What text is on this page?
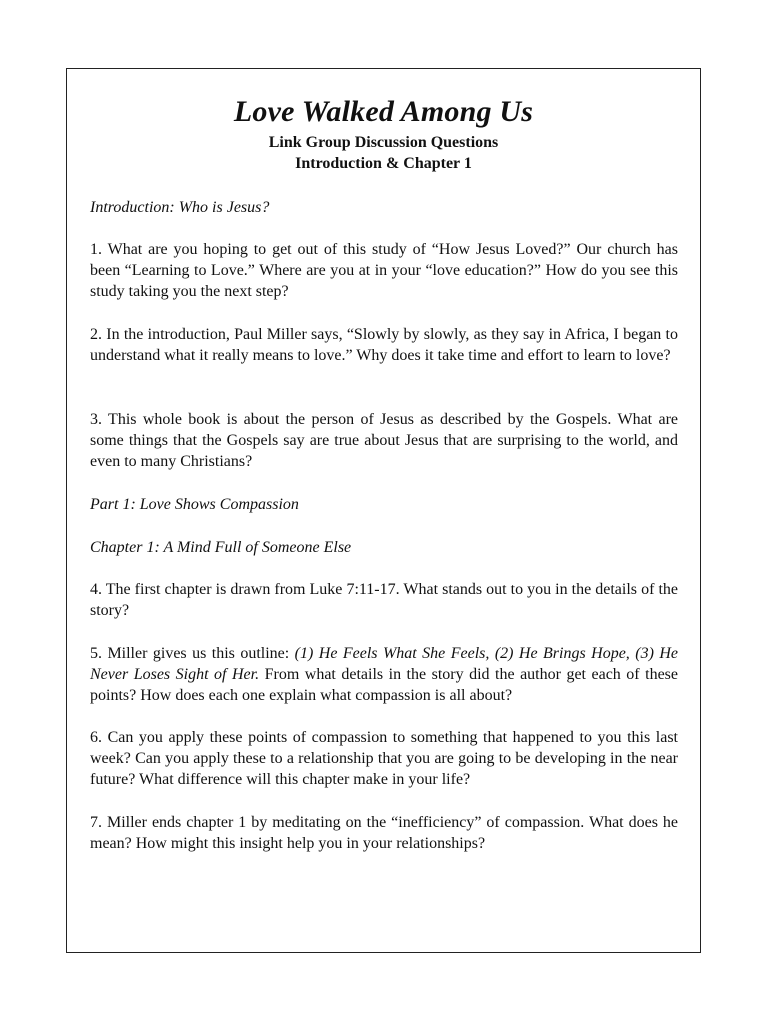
Love Walked Among Us
Link Group Discussion Questions
Introduction & Chapter 1
Introduction: Who is Jesus?

1. What are you hoping to get out of this study of “How Jesus Loved?” Our church has been “Learning to Love.” Where are you at in your “love education?” How do you see this study taking you the next step?

2. In the introduction, Paul Miller says, “Slowly by slowly, as they say in Africa, I began to understand what it really means to love.” Why does it take time and effort to learn to love?

3. This whole book is about the person of Jesus as described by the Gospels. What are some things that the Gospels say are true about Jesus that are surprising to the world, and even to many Christians?

Part 1: Love Shows Compassion
Chapter 1: A Mind Full of Someone Else

4. The first chapter is drawn from Luke 7:11-17. What stands out to you in the details of the story?

5. Miller gives us this outline: (1) He Feels What She Feels, (2) He Brings Hope, (3) He Never Loses Sight of Her. From what details in the story did the author get each of these points? How does each one explain what compassion is all about?

6. Can you apply these points of compassion to something that happened to you this last week? Can you apply these to a relationship that you are going to be developing in the near future? What difference will this chapter make in your life?

7. Miller ends chapter 1 by meditating on the “inefficiency” of compassion. What does he mean? How might this insight help you in your relationships?
